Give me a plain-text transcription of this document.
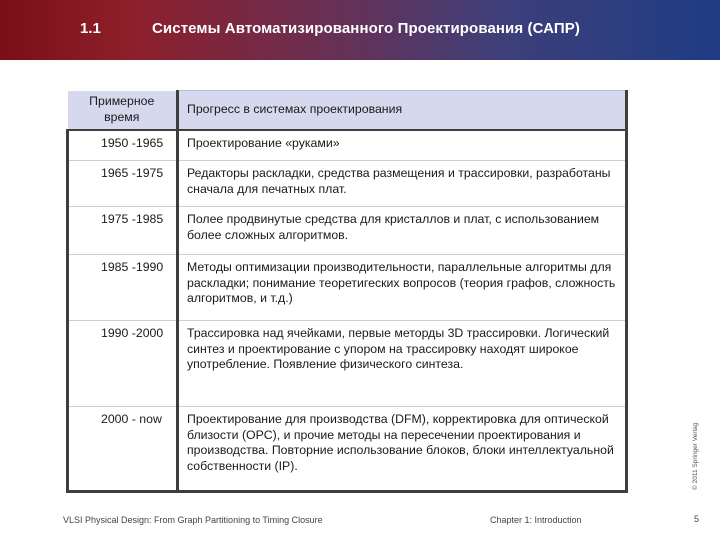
1.1	Системы Автоматизированного Проектирования (САПР)
Примерное время	Прогресс в системах проектирования
1950 -1965	Проектирование «руками»
1965 -1975	Редакторы раскладки, средства размещения и трассировки, разработаны сначала для печатных плат.
1975 -1985	Полее продвинутые средства для кристаллов и плат, с использованием более сложных алгоритмов.
1985 -1990	Методы оптимизации производительности, параллельные алгоритмы для раскладки; понимание теоретигеских вопросов (теория графов, сложность алгоритмов, и т.д.)
1990 -2000	Трассировка над ячейками, первые меторды 3D трассировки. Логический синтез и проектирование с упором на трассировку находят широкое употребление. Появление физического синтеза.
2000 - now	Проектирование для производства (DFM), корректировка для оптической близости (OPC), и прочие методы на пересечении проектирования и производства. Повторние использование блоков, блоки интеллектуальной собственности (IP).	© 2011 Springer Verlag
VLSI Physical Design: From Graph Partitioning to Timing Closure	Chapter 1: Introduction	5
